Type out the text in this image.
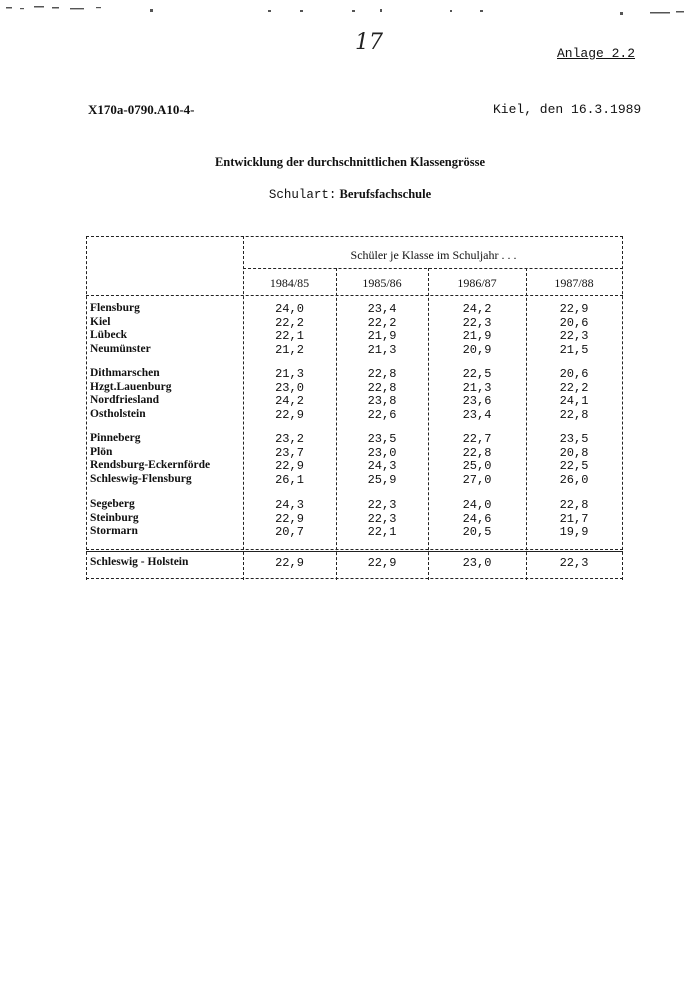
17	Anlage 2.2
X170a-0790.A10-4-	Kiel, den 16.3.1989
Entwicklung der durchschnittlichen Klassengrösse
Schulart: Berufsfachschule
Schüler je Klasse im Schuljahr . . .
1984/85	1985/86	1986/87	1987/88
Flensburg	24,0	23,4	24,2	22,9
Kiel	22,2	22,2	22,3	20,6
Lübeck	22,1	21,9	21,9	22,3
Neumünster	21,2	21,3	20,9	21,5
Dithmarschen	21,3	22,8	22,5	20,6
Hzgt.Lauenburg	23,0	22,8	21,3	22,2
Nordfriesland	24,2	23,8	23,6	24,1
Ostholstein	22,9	22,6	23,4	22,8
Pinneberg	23,2	23,5	22,7	23,5
Plön	23,7	23,0	22,8	20,8
Rendsburg-Eckernförde	22,9	24,3	25,0	22,5
Schleswig-Flensburg	26,1	25,9	27,0	26,0
Segeberg	24,3	22,3	24,0	22,8
Steinburg	22,9	22,3	24,6	21,7
Stormarn	20,7	22,1	20,5	19,9
Schleswig - Holstein	22,9	22,9	23,0	22,3
